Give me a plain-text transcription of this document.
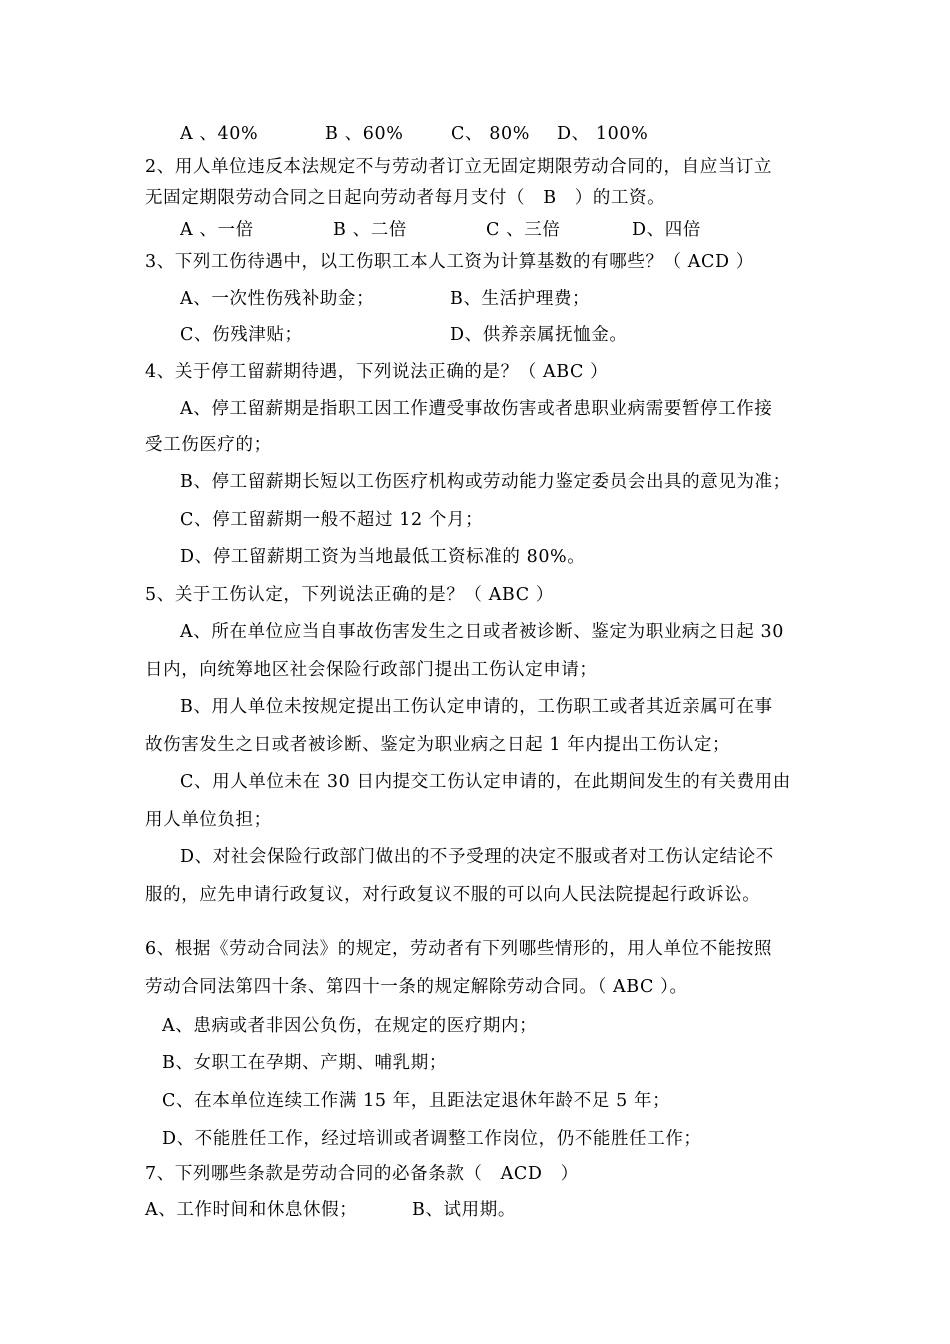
A 、40%	B 、60%	C、 80% D、 100%
2、用人单位违反本法规定不与劳动者订立无固定期限劳动合同的，自应当订立
无固定期限劳动合同之日起向劳动者每月支付（　B　）的工资。
A 、一倍	B 、二倍	C 、三倍	D、四倍
3、下列工伤待遇中，以工伤职工本人工资为计算基数的有哪些？（ ACD ）
A、一次性伤残补助金；	B、生活护理费；
C、伤残津贴；	D、供养亲属抚恤金。
4、关于停工留薪期待遇，下列说法正确的是？（ ABC ）
A、停工留薪期是指职工因工作遭受事故伤害或者患职业病需要暂停工作接
受工伤医疗的；
B、停工留薪期长短以工伤医疗机构或劳动能力鉴定委员会出具的意见为准；
C、停工留薪期一般不超过 12 个月；
D、停工留薪期工资为当地最低工资标准的 80%。
5、关于工伤认定，下列说法正确的是？（ ABC ）
A、所在单位应当自事故伤害发生之日或者被诊断、鉴定为职业病之日起 30
日内，向统筹地区社会保险行政部门提出工伤认定申请；
B、用人单位未按规定提出工伤认定申请的，工伤职工或者其近亲属可在事
故伤害发生之日或者被诊断、鉴定为职业病之日起 1 年内提出工伤认定；
C、用人单位未在 30 日内提交工伤认定申请的，在此期间发生的有关费用由
用人单位负担；
D、对社会保险行政部门做出的不予受理的决定不服或者对工伤认定结论不
服的，应先申请行政复议，对行政复议不服的可以向人民法院提起行政诉讼。
6、根据《劳动合同法》的规定，劳动者有下列哪些情形的，用人单位不能按照
劳动合同法第四十条、第四十一条的规定解除劳动合同。（ ABC ）。
A、患病或者非因公负伤，在规定的医疗期内；
B、女职工在孕期、产期、哺乳期；
C、在本单位连续工作满 15 年，且距法定退休年龄不足 5 年；
D、不能胜任工作，经过培训或者调整工作岗位，仍不能胜任工作；
7、下列哪些条款是劳动合同的必备条款（　ACD　）
A、工作时间和休息休假；	B、试用期。
